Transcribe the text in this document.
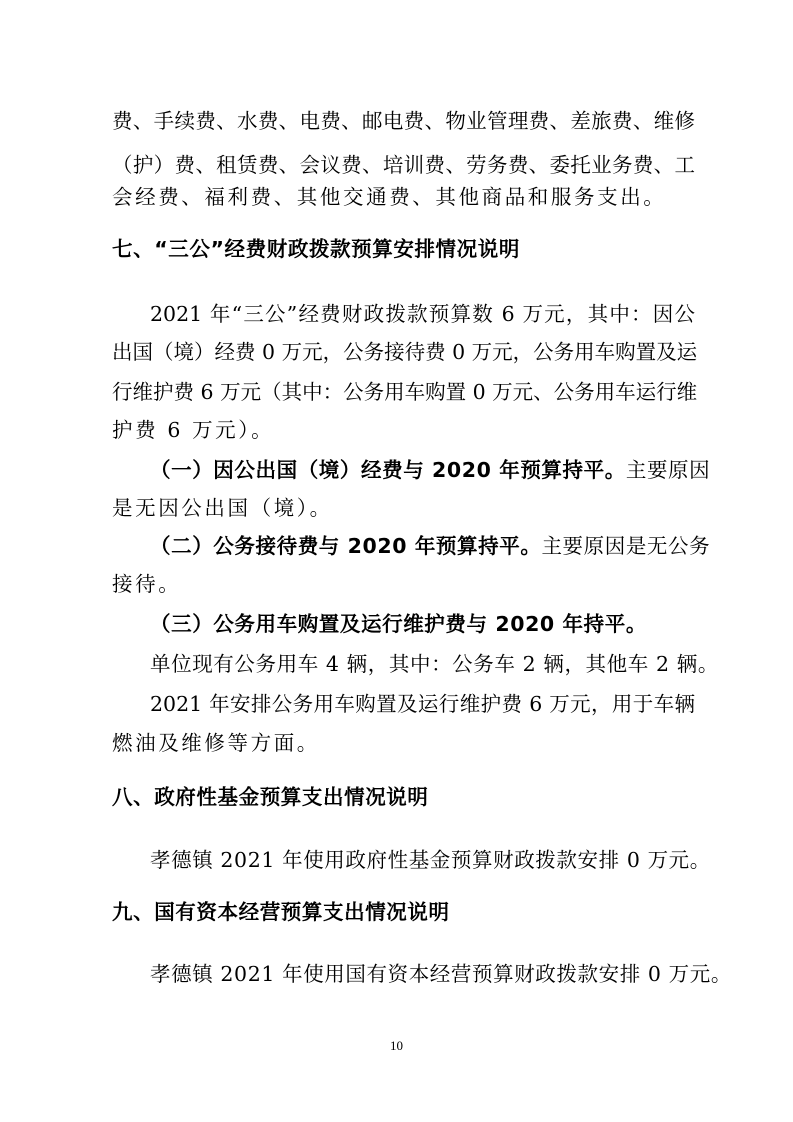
费、手续费、水费、电费、邮电费、物业管理费、差旅费、维修
（护）费、租赁费、会议费、培训费、劳务费、委托业务费、工
会经费、福利费、其他交通费、其他商品和服务支出。
七、“三公”经费财政拨款预算安排情况说明
2021 年“三公”经费财政拨款预算数 6 万元，其中：因公
出国（境）经费 0 万元，公务接待费 0 万元，公务用车购置及运
行维护费 6 万元（其中：公务用车购置 0 万元、公务用车运行维
护费 6 万元）。
（一）因公出国（境）经费与 2020 年预算持平。主要原因
是无因公出国（境）。
（二）公务接待费与 2020 年预算持平。主要原因是无公务
接待。
（三）公务用车购置及运行维护费与 2020 年持平。
单位现有公务用车 4 辆，其中：公务车 2 辆，其他车 2 辆。
2021 年安排公务用车购置及运行维护费 6 万元，用于车辆
燃油及维修等方面。
八、政府性基金预算支出情况说明
孝德镇 2021 年使用政府性基金预算财政拨款安排 0 万元。
九、国有资本经营预算支出情况说明
孝德镇 2021 年使用国有资本经营预算财政拨款安排 0 万元。
10
